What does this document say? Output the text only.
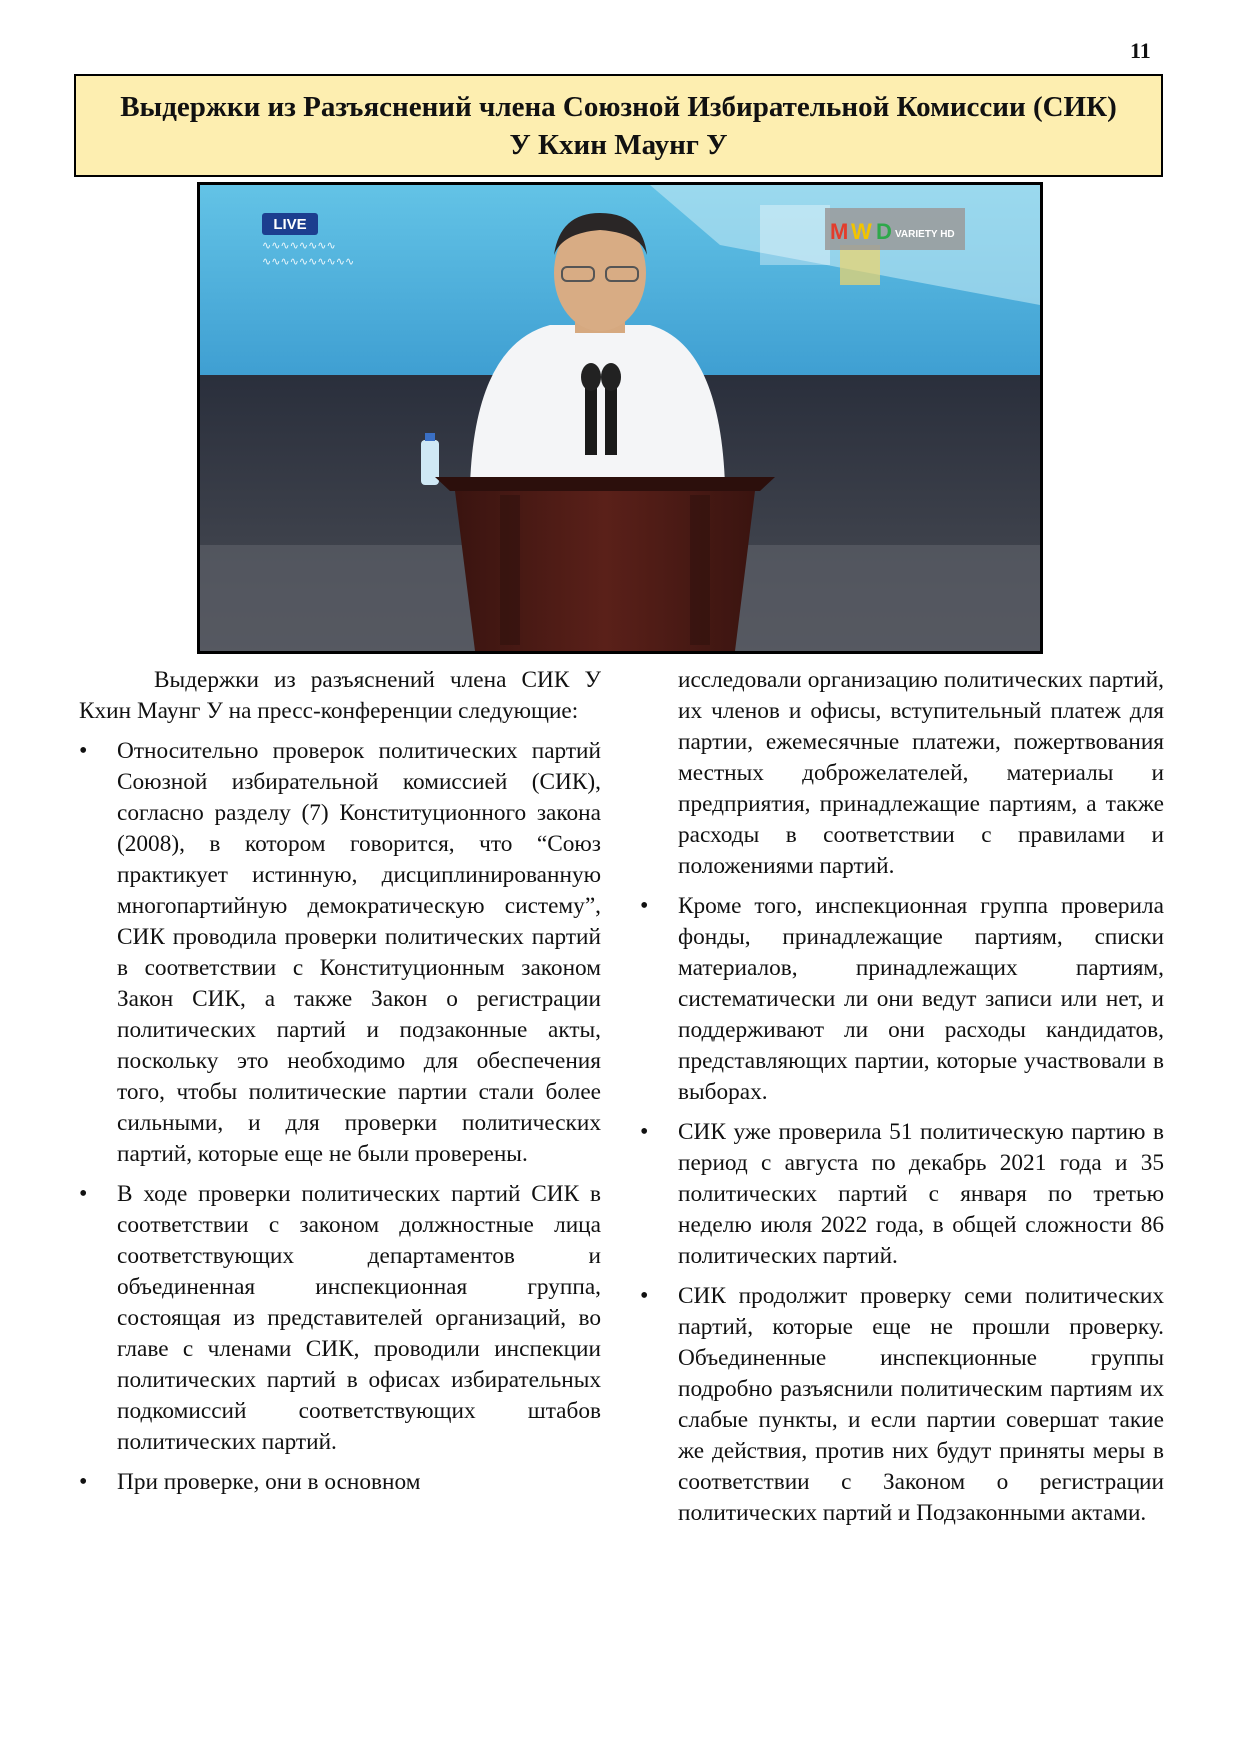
11
Выдержки из Разъяснений члена Союзной Избирательной Комиссии (СИК)
У Кхин Маунг У
LIVE
∿∿∿∿∿∿∿∿
∿∿∿∿∿∿∿∿∿∿
M W D VARIETY HD

Выдержки из разъяснений члена СИК У Кхин Маунг У на пресс-конференции следующие:

• Относительно проверок политических партий Союзной избирательной комиссией (СИК), согласно разделу (7) Конституционного закона (2008), в котором говорится, что “Союз практикует истинную, дисциплинированную многопартийную демократическую систему”, СИК проводила проверки политических партий в соответствии с Конституционным законом Закон СИК, а также Закон о регистрации политических партий и подзаконные акты, поскольку это необходимо для обеспечения того, чтобы политические партии стали более сильными, и для проверки политических партий, которые еще не были проверены.
• В ходе проверки политических партий СИК в соответствии с законом должностные лица соответствующих департаментов и объединенная инспекционная группа, состоящая из представителей организаций, во главе с членами СИК, проводили инспекции политических партий в офисах избирательных подкомиссий соответствующих штабов политических партий.
• При проверке, они в основном

исследовали организацию политических партий, их членов и офисы, вступительный платеж для партии, ежемесячные платежи, пожертвования местных доброжелателей, материалы и предприятия, принадлежащие партиям, а также расходы в соответствии с правилами и положениями партий.

• Кроме того, инспекционная группа проверила фонды, принадлежащие партиям, списки материалов, принадлежащих партиям, систематически ли они ведут записи или нет, и поддерживают ли они расходы кандидатов, представляющих партии, которые участвовали в выборах.
• СИК уже проверила 51 политическую партию в период с августа по декабрь 2021 года и 35 политических партий с января по третью неделю июля 2022 года, в общей сложности 86 политических партий.
• СИК продолжит проверку семи политических партий, которые еще не прошли проверку. Объединенные инспекционные группы подробно разъяснили политическим партиям их слабые пункты, и если партии совершат такие же действия, против них будут приняты меры в соответствии с Законом о регистрации политических партий и Подзаконными актами.
